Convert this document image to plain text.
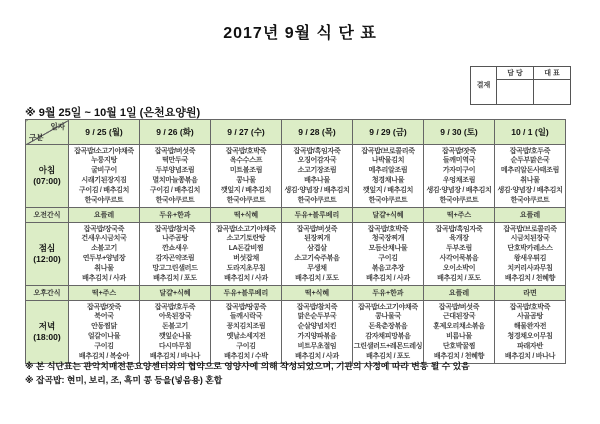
2017년 9월 식 단 표
결재	담 당	대 표

※ 9월 25일 ~ 10월 1일 (은천요양원)
일자
구분	9 / 25 (월)	9 / 26 (화)	9 / 27 (수)	9 / 28 (목)	9 / 29 (금)	9 / 30 (토)	10 / 1 (일)

아침
(07:00)

잡곡밥/소고기야채죽
누룽지탕
굴비구이
시래기된장지짐
구이김 / 배추김치
한국야쿠르트

잡곡밥/버섯죽
떡만두국
두부양념조림
멸치마늘쫑볶음
구이김 / 배추김치
한국야쿠르트

잡곡밥/호박죽
옥수수스프
미트볼조림
콩나물
깻잎지 / 배추김치
한국야쿠르트

잡곡밥/흑임자죽
오징어감자국
소고기장조림
배추나물
생김·양념장 / 배추김치
한국야쿠르트

잡곡밥/브로콜리죽
나박물김치
메추리알조림
청경채나물
깻잎지 / 배추김치
한국야쿠르트

잡곡밥/잣죽
들깨미역국
가자미구이
우엉채조림
생김·양념장 / 배추김치
한국야쿠르트

잡곡밥/호두죽
순두부맑은국
메추리알돈사태조림
취나물
생김·양념장 / 배추김치
한국야쿠르트

오전간식	요플레	두유+한과	떡+식혜	두유+블루베리	달걀+식혜	떡+주스	요플레

점심
(12:00)

잡곡밥/장국죽
건새우시금치국
소불고기
연두부+양념장
취나물
배추김치 / 사과

잡곡밥/참치죽
나주곰탕
깐쇼새우
감자곤약조림
망고그린샐러드
배추김치 / 포도

잡곡밥/소고기야채죽
소고기토란탕
LA돈갈비찜
버섯잡채
도라지초무침
배추김치 / 사과

잡곡밥/버섯죽
된장찌개
삼겹살
소고기숙주볶음
무생채
배추김치 / 포도

잡곡밥/호박죽
청국장찌개
모듬산채나물
구이김
볶음고추장
배추김치 / 사과

잡곡밥/흑임자죽
육개장
두부조림
사각어묵볶음
오이소박이
배추김치 / 포도

잡곡밥/브로콜리죽
시금치된장국
단호박카레소스
왕새우튀김
치커리사과무침
배추김치 / 천혜향

오후간식	떡+주스	달걀+식혜	두유+블루베리	떡+식혜	두유+한과	요플레	라면

저녁
(18:00)

잡곡밥/잣죽
북어국
안동찜닭
얼갈이나물
구이김
배추김치 / 복숭아

잡곡밥/호두죽
아욱된장국
돈불고기
깻잎순나물
다시마무침
배추김치 / 바나나

잡곡밥/땅콩죽
들깨시락국
꽁치김치조림
옛날소세지전
구이김
배추김치 / 수박

잡곡밥/참치죽
맑은순두부국
순살양념치킨
가지양파볶음
비트무초절임
배추김치 / 사과

잡곡밥/소고기야채죽
콩나물국
돈육춘장볶음
감자채피망볶음
그린샐러드+레몬드레싱
배추김치 / 포도

잡곡밥/버섯죽
근대된장국
훈제오리채소볶음
비름나물
단호박꿀찜
배추김치 / 천혜향

잡곡밥/호박죽
사골곰탕
해물완자전
청경채오이무침
파래자반
배추김치 / 바나나
※ 본 식단표는 관악치매전문요양센터와의 협약으로 영양사에 의해 작성되었으며, 기관의 사정에 따라 변동 될 수 있음
※ 잡곡밥: 현미, 보리, 조, 흑미 콩 등을(넣음용) 혼합
